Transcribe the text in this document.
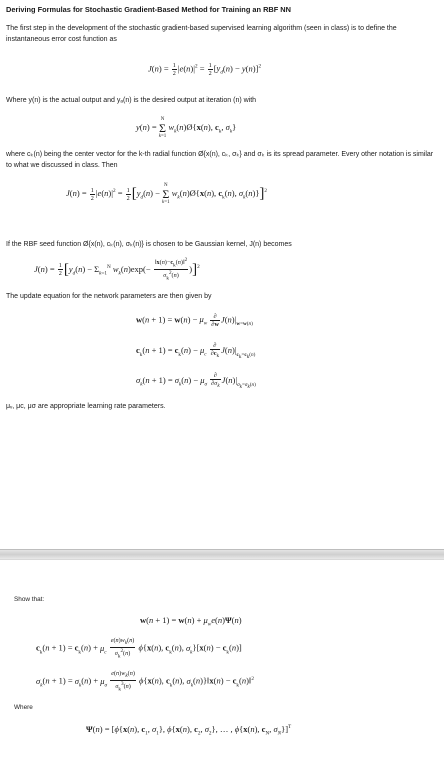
Deriving Formulas for Stochastic Gradient-Based Method for Training an RBF NN
The first step in the development of the stochastic gradient-based supervised learning algorithm (seen in class) is to define the instantaneous error cost function as
$J(n) = \frac{1}{2} |e(n)|^2 = \frac{1}{2} [y_d(n) - y(n)]^2$
Where y(n) is the actual output and yₐ(n) is the desired output at iteration (n) with
y(n) = N
Σ
k=1 $w_k(n)Ø\{x(n)$, $c_k$, $\sigma_k$}
where cₖ(n) being the center vector for the k-th radial function Ø{x(n), cₖ, σₖ} and σₖ is its spread parameter. Every other notation is similar to what we discussed in class. Then
$J(n) = \frac{1}{2} |e(n)|^2 = \frac{1}{2} [y_d(n) - N$
Σ
k=1 $w_k(n)Ø\{x(n)$, $c_k(n)$, $\sigma_k(n)\}]^2$
If the RBF seed function Ø{x(n), cₖ(n), σₖ(n)} is chosen to be Gaussian kernel, J(n) becomes
$J(n) = \frac{1}{2} [y_d(n) - \Sigma_{k=1}^N$ $w_k(n)\exp(- \frac{‖x(n)-c_k(n)‖^2}{\sigma_k^2(n)} )]^2$
The update equation for the network parameters are then given by
$w(n + 1) = w(n) - \mu_w \frac{\partial}{\partial w} J(n)|_{w=w(n)}$
$c_k(n + 1) = c_k(n) - \mu_c \frac{\partial}{\partial c_k} J(n)|_{c_k=c_k(n)}$
$\sigma_k(n + 1) = \sigma_k(n) - \mu_\sigma \frac{\partial}{\partial\sigma_k} J(n)|_{\sigma_k=\sigma_k(n)}$
μᵥ, μc, μσ are appropriate learning rate parameters.
Show that:
$w(n + 1) = w(n) + \mu_we(n)\Psi(n)$
$c_k(n + 1) = c_k(n) + \mu_c \frac{e(n)w_k(n)}{\sigma_k^2(n)} \phi\{x(n)$, $c_k(n)$, $\sigma_k\}[x(n) - c_k(n)]$
$\sigma_k(n + 1) = \sigma_k(n) + \mu_\sigma \frac{e(n)w_k(n)}{\sigma_k^3(n)} \phi\{x(n)$, $c_k(n)$, $\sigma_k(n)\}‖x(n)$ − $c_k(n)‖^2$
Where
Ψ(n) = [ϕ{x(n), $c_1$, $\sigma_1$}, ϕ{x(n), $c_2$, $\sigma_2$}, … , ϕ{x(n), $c_N$, $\sigma_N\}]^T$
